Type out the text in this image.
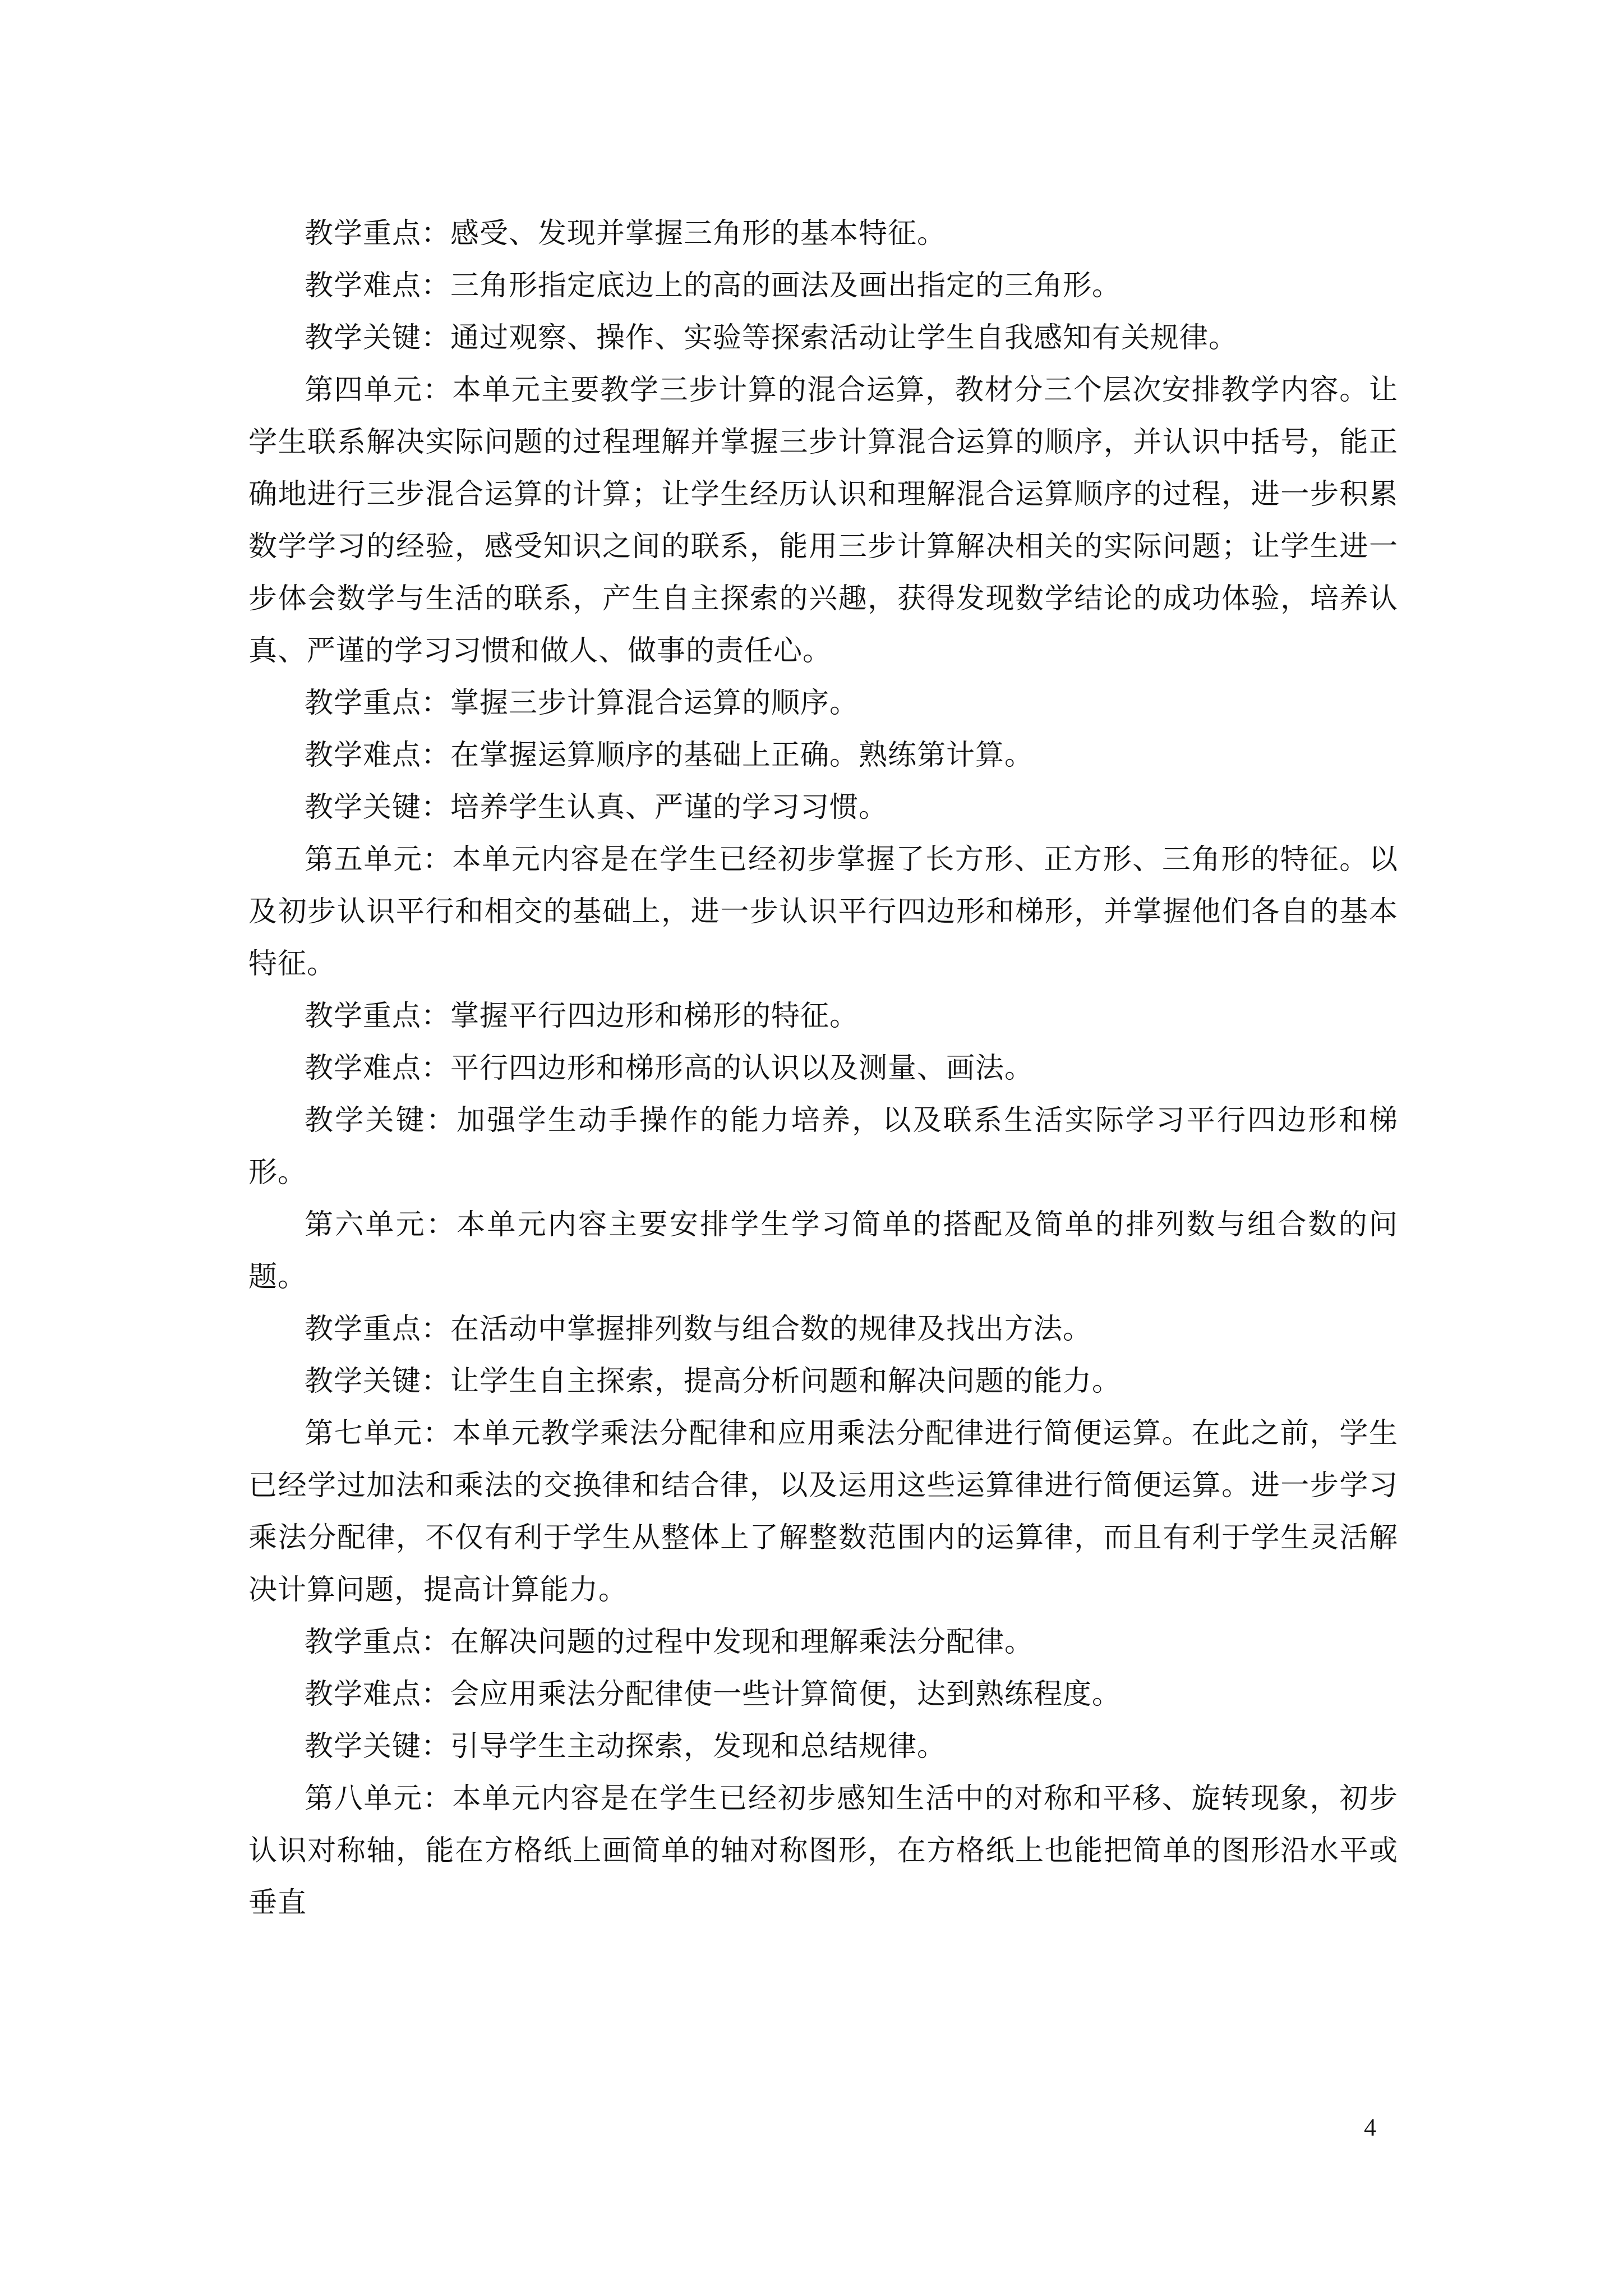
教学重点：感受、发现并掌握三角形的基本特征。

教学难点：三角形指定底边上的高的画法及画出指定的三角形。

教学关键：通过观察、操作、实验等探索活动让学生自我感知有关规律。

第四单元：本单元主要教学三步计算的混合运算，教材分三个层次安排教学内容。让学生联系解决实际问题的过程理解并掌握三步计算混合运算的顺序，并认识中括号，能正确地进行三步混合运算的计算；让学生经历认识和理解混合运算顺序的过程，进一步积累数学学习的经验，感受知识之间的联系，能用三步计算解决相关的实际问题；让学生进一步体会数学与生活的联系，产生自主探索的兴趣，获得发现数学结论的成功体验，培养认真、严谨的学习习惯和做人、做事的责任心。

教学重点：掌握三步计算混合运算的顺序。

教学难点：在掌握运算顺序的基础上正确。熟练第计算。

教学关键：培养学生认真、严谨的学习习惯。

第五单元：本单元内容是在学生已经初步掌握了长方形、正方形、三角形的特征。以及初步认识平行和相交的基础上，进一步认识平行四边形和梯形，并掌握他们各自的基本特征。

教学重点：掌握平行四边形和梯形的特征。

教学难点：平行四边形和梯形高的认识以及测量、画法。

教学关键：加强学生动手操作的能力培养，以及联系生活实际学习平行四边形和梯形。

第六单元：本单元内容主要安排学生学习简单的搭配及简单的排列数与组合数的问题。

教学重点：在活动中掌握排列数与组合数的规律及找出方法。

教学关键：让学生自主探索，提高分析问题和解决问题的能力。

第七单元：本单元教学乘法分配律和应用乘法分配律进行简便运算。在此之前，学生已经学过加法和乘法的交换律和结合律，以及运用这些运算律进行简便运算。进一步学习乘法分配律，不仅有利于学生从整体上了解整数范围内的运算律，而且有利于学生灵活解决计算问题，提高计算能力。

教学重点：在解决问题的过程中发现和理解乘法分配律。

教学难点：会应用乘法分配律使一些计算简便，达到熟练程度。

教学关键：引导学生主动探索，发现和总结规律。

第八单元：本单元内容是在学生已经初步感知生活中的对称和平移、旋转现象，初步认识对称轴，能在方格纸上画简单的轴对称图形，在方格纸上也能把简单的图形沿水平或垂直

4
